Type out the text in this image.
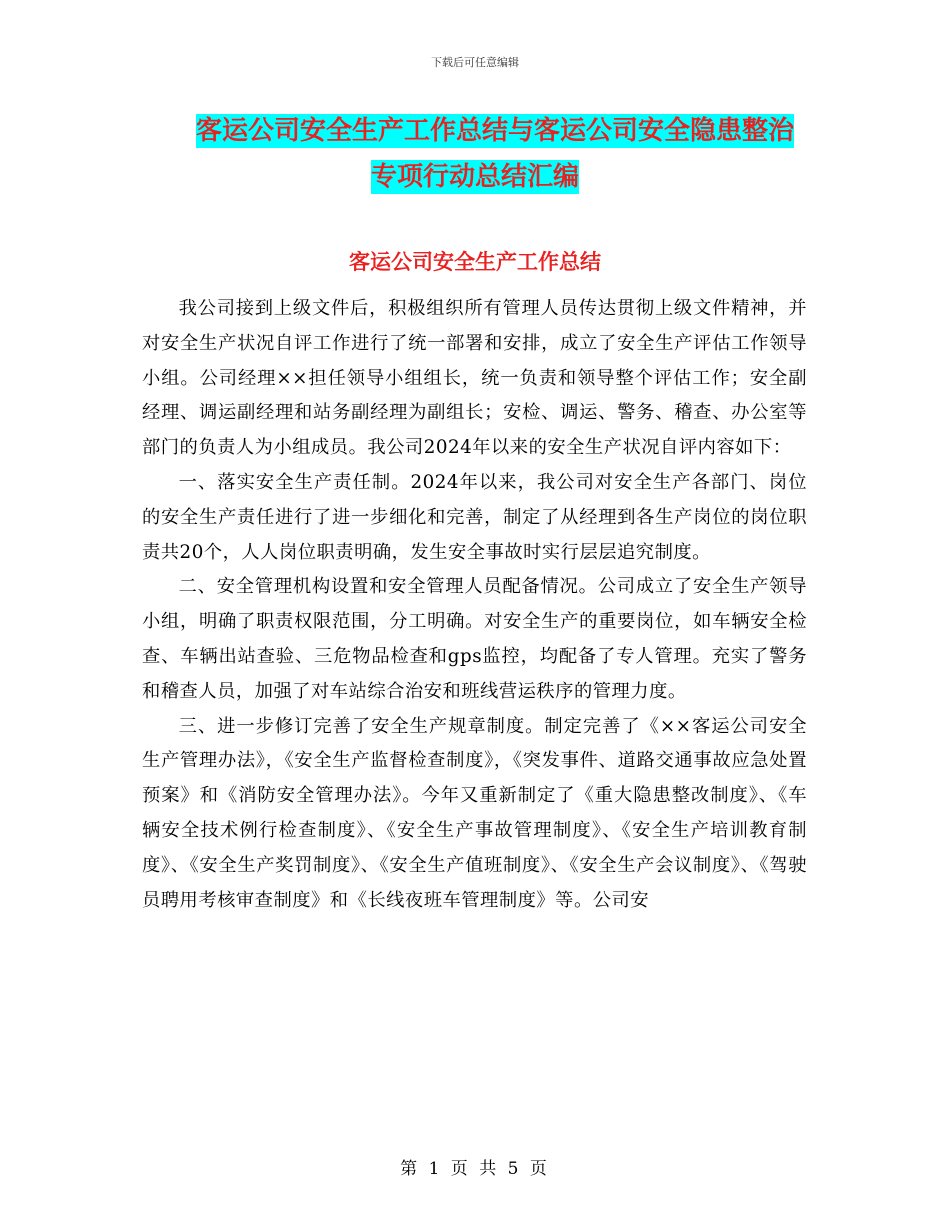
下载后可任意编辑
客运公司安全生产工作总结与客运公司安全隐患整治
专项行动总结汇编
客运公司安全生产工作总结

我公司接到上级文件后，积极组织所有管理人员传达贯彻上级文件精神，并对安全生产状况自评工作进行了统一部署和安排，成立了安全生产评估工作领导小组。公司经理××担任领导小组组长，统一负责和领导整个评估工作；安全副经理、调运副经理和站务副经理为副组长；安检、调运、警务、稽查、办公室等部门的负责人为小组成员。我公司2024年以来的安全生产状况自评内容如下：

一、落实安全生产责任制。2024年以来，我公司对安全生产各部门、岗位的安全生产责任进行了进一步细化和完善，制定了从经理到各生产岗位的岗位职责共20个，人人岗位职责明确，发生安全事故时实行层层追究制度。

二、安全管理机构设置和安全管理人员配备情况。公司成立了安全生产领导小组，明确了职责权限范围，分工明确。对安全生产的重要岗位，如车辆安全检查、车辆出站查验、三危物品检查和gps监控，均配备了专人管理。充实了警务和稽查人员，加强了对车站综合治安和班线营运秩序的管理力度。

三、进一步修订完善了安全生产规章制度。制定完善了《××客运公司安全生产管理办法》，《安全生产监督检查制度》，《突发事件、道路交通事故应急处置预案》和《消防安全管理办法》。今年又重新制定了《重大隐患整改制度》、《车辆安全技术例行检查制度》、《安全生产事故管理制度》、《安全生产培训教育制度》、《安全生产奖罚制度》、《安全生产值班制度》、《安全生产会议制度》、《驾驶员聘用考核审查制度》和《长线夜班车管理制度》等。公司安

第 1 页 共 5 页
